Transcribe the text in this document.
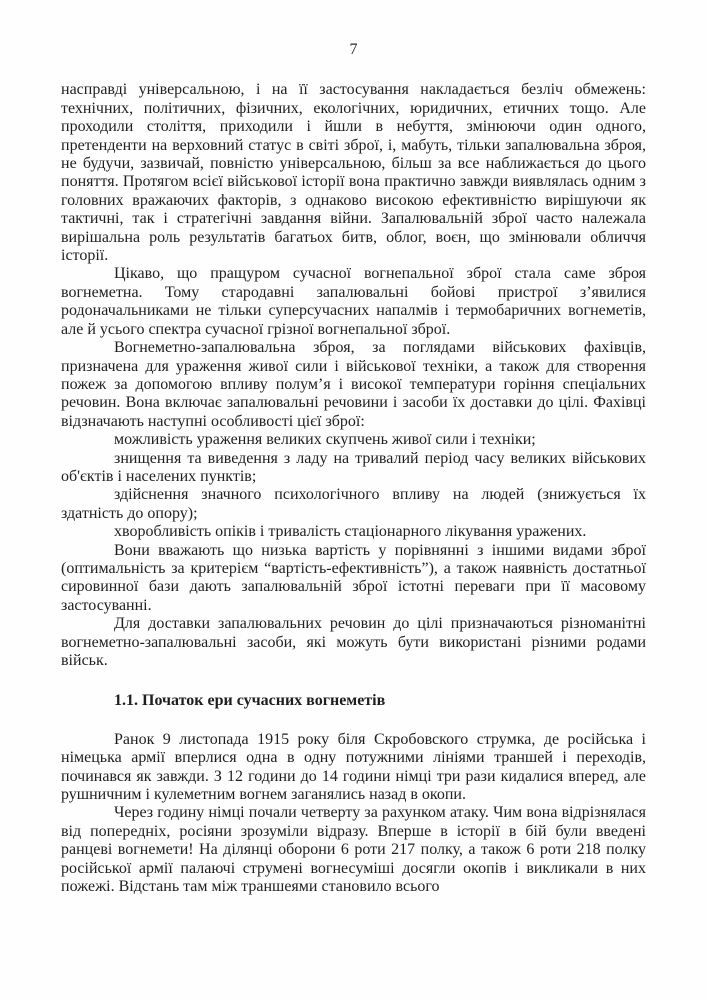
7

насправді універсальною, і на її застосування накладається безліч обмежень: технічних, політичних, фізичних, екологічних, юридичних, етичних тощо. Але проходили століття, приходили і йшли в небуття, змінюючи один одного, претенденти на верховний статус в світі зброї, і, мабуть, тільки запалювальна зброя, не будучи, зазвичай, повністю універсальною, більш за все наближається до цього поняття. Протягом всієї військової історії вона практично завжди виявлялась одним з головних вражаючих факторів, з однаково високою ефективністю вирішуючи як тактичні, так і стратегічні завдання війни. Запалювальній зброї часто належала вирішальна роль результатів багатьох битв, облог, воєн, що змінювали обличчя історії.

Цікаво, що пращуром сучасної вогнепальної зброї стала саме зброя вогнеметна. Тому стародавні запалювальні бойові пристрої з’явилися родоначальниками не тільки суперсучасних напалмів і термобаричних вогнеметів, але й усього спектра сучасної грізної вогнепальної зброї.

Вогнеметно-запалювальна зброя, за поглядами військових фахівців, призначена для ураження живої сили і військової техніки, а також для створення пожеж за допомогою впливу полум’я і високої температури горіння спеціальних речовин. Вона включає запалювальні речовини і засоби їх доставки до цілі. Фахівці відзначають наступні особливості цієї зброї:

можливість ураження великих скупчень живої сили і техніки;

знищення та виведення з ладу на тривалий період часу великих військових об'єктів і населених пунктів;

здійснення значного психологічного впливу на людей (знижується їх здатність до опору);

хворобливість опіків і тривалість стаціонарного лікування уражених.

Вони вважають що низька вартість у порівнянні з іншими видами зброї (оптимальність за критерієм “вартість-ефективність”), а також наявність достатньої сировинної бази дають запалювальній зброї істотні переваги при її масовому застосуванні.

Для доставки запалювальних речовин до цілі призначаються різноманітні вогнеметно-запалювальні засоби, які можуть бути використані різними родами військ.

1.1. Початок ери сучасних вогнеметів

Ранок 9 листопада 1915 року біля Скробовского струмка, де російська і німецька армії вперлися одна в одну потужними лініями траншей і переходів, починався як завжди. З 12 години до 14 години німці три рази кидалися вперед, але рушничним і кулеметним вогнем заганялись назад в окопи.

Через годину німці почали четверту за рахунком атаку. Чим вона відрізнялася від попередніх, росіяни зрозуміли відразу. Вперше в історії в бій були введені ранцеві вогнемети! На ділянці оборони 6 роти 217 полку, а також 6 роти 218 полку російської армії палаючі струмені вогнесуміші досягли окопів і викликали в них пожежі. Відстань там між траншеями становило всього
